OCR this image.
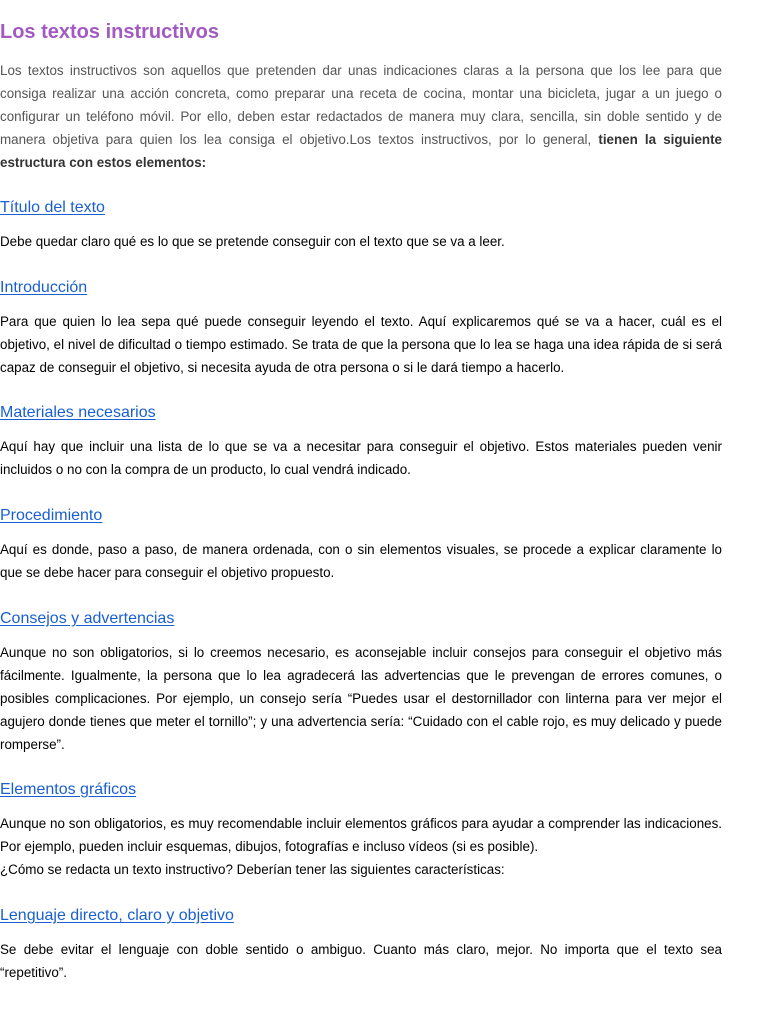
Los textos instructivos

Los textos instructivos son aquellos que pretenden dar unas indicaciones claras a la persona que los lee para que consiga realizar una acción concreta, como preparar una receta de cocina, montar una bicicleta, jugar a un juego o configurar un teléfono móvil. Por ello, deben estar redactados de manera muy clara, sencilla, sin doble sentido y de manera objetiva para quien los lea consiga el objetivo.Los textos instructivos, por lo general, tiene​n la siguiente estructura con estos elementos:

Título del texto

Debe quedar claro qué es lo que se pretende conseguir con el texto que se va a leer.

Introducción

Para que quien lo lea sepa qué puede conseguir leyendo el texto. Aquí explicaremos qué se va a hacer, cuál es el objetivo, el nivel de dificultad o tiempo estimado. Se trata de que la persona que lo lea se haga una idea rápida de si será capaz de conseguir el objetivo, si necesita ayuda de otra persona o si le dará tiempo a hacerlo.

Materiales necesarios

Aquí hay que incluir una lista de lo que se va a necesitar para conseguir el objetivo. Estos materiales pueden venir incluidos o no con la compra de un producto, lo cual vendrá indicado.

Procedimiento

Aquí es donde, paso a paso, de manera ordenada, con o sin elementos visuales, se procede a explicar claramente lo que se debe hacer para conseguir el objetivo propuesto.

Consejos y advertencias

Aunque no son obligatorios, si lo creemos necesario, es aconsejable incluir consejos para conseguir el objetivo más fácilmente. Igualmente, la persona que lo lea agradecerá las advertencias que le prevengan de errores comunes, o posibles complicaciones. Por ejemplo, un consejo sería “Puedes usar el destornillador con linterna para ver mejor el agujero donde tienes que meter el tornillo”; y una advertencia sería: “Cuidado con el cable rojo, es muy delicado y puede romperse”.

Elementos gráficos
Aunque no son obligatorios, es muy recomendable incluir elementos gráficos para ayudar a comprender las indicaciones. Por ejemplo, pueden incluir esquemas, dibujos, fotografías e incluso vídeos (si es posible).
¿Cómo se redacta un texto instructivo? Deberían tener las siguientes características:
Lenguaje directo, claro y objetivo

Se debe evitar el lenguaje con doble sentido o ambiguo. Cuanto más claro, mejor. No importa que el texto sea “repetitivo”.
